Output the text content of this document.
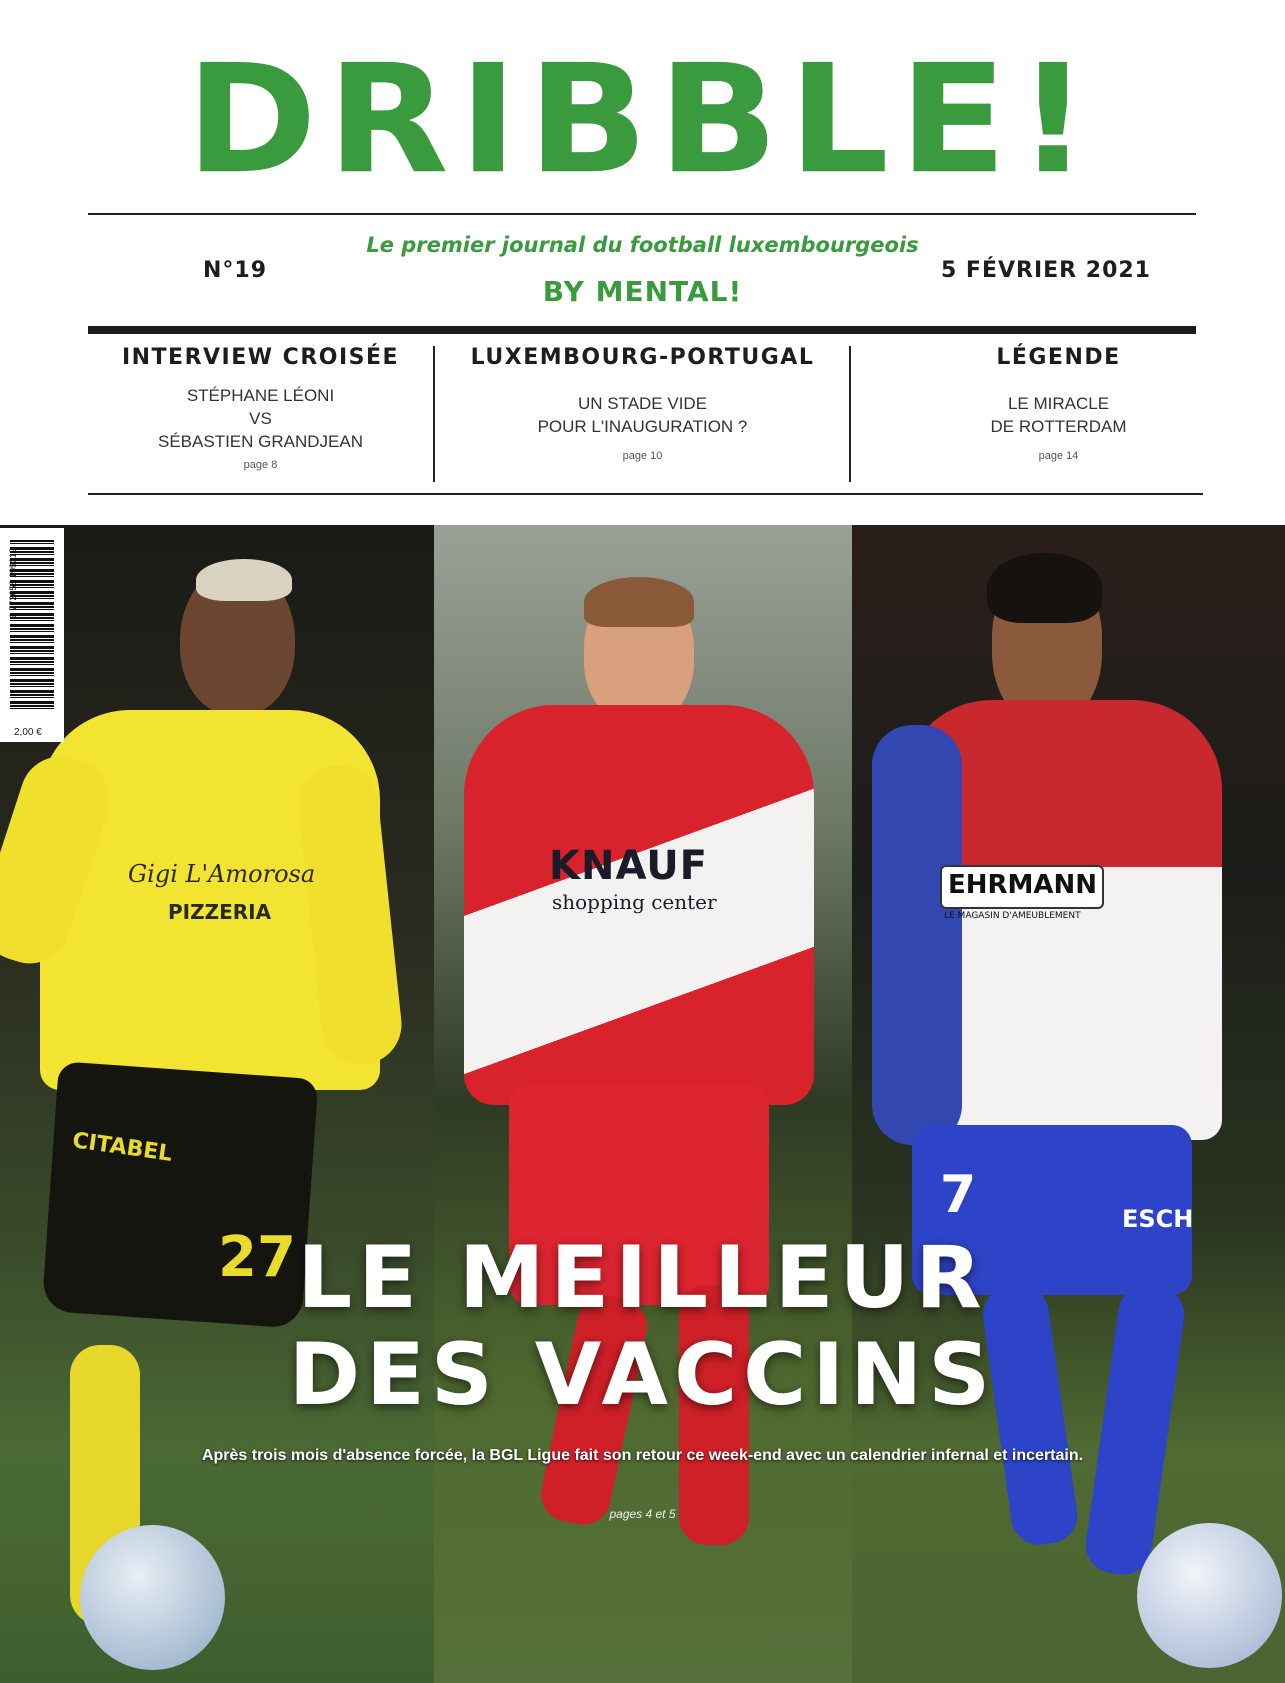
DRIBBLE!
N°19
Le premier journal du football luxembourgeois
BY MENTAL!
5 FÉVRIER 2021
INTERVIEW CROISÉE
STÉPHANE LÉONI
VS
SÉBASTIEN GRANDJEAN
page 8
LUXEMBOURG-PORTUGAL
UN STADE VIDE
POUR L'INAUGURATION ?
page 10
LÉGENDE
LE MIRACLE
DE ROTTERDAM
page 14
Gigi L'Amorosa
PIZZERIA
CITABEL
27
KNAUF
shopping center
EHRMANN
LE MAGASIN D'AMEUBLEMENT
7	ESCH
9 772658 199012
2,00 €
LE MEILLEUR
DES VACCINS
Après trois mois d'absence forcée, la BGL Ligue fait son retour ce week-end avec un calendrier infernal et incertain.
pages 4 et 5
